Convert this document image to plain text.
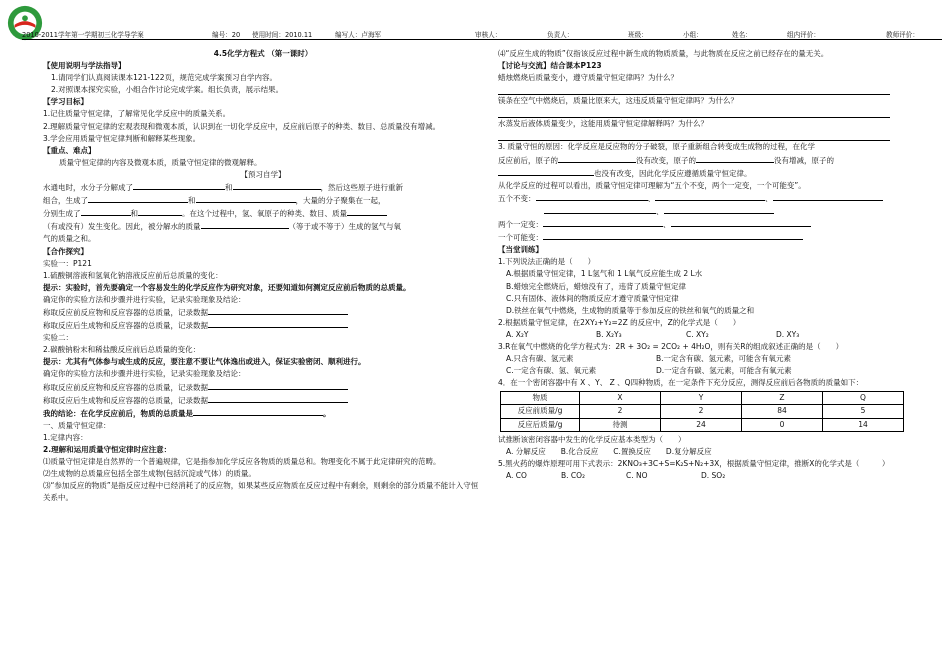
2010-2011学年第一学期初三化学导学案	编号：20 使用时间：2010.11	编写人：卢海军	审核人：	负责人：	班级：	小组：	姓名：	组内评价：	教师评价：

4.5化学方程式 （第一课时）

【使用说明与学法指导】

1.请同学们认真阅读课本121-122页，规范完成学案预习自学内容。

2.对照课本探究实验，小组合作讨论完成学案。组长负责，展示结果。

【学习目标】

1.记住质量守恒定律，了解常见化学反应中的质量关系。

2.理解质量守恒定律的宏观表现和微观本质，认识到在一切化学反应中，反应前后原子的种类、数目、总质量没有增减。

3.学会应用质量守恒定律判断和解释某些现象。

【重点、难点】

质量守恒定律的内容及微观本质，质量守恒定律的微观解释。

【预习自学】

水通电时，水分子分解成了	和	，然后这些原子进行重新

组合，生成了	和	，大量的分子聚集在一起，

分别生成了	和	。在这个过程中，氢、氧原子的种类、数目、质量

（有或没有）发生变化。因此，被分解水的质量	（等于或不等于）生成的氢气与氧

气的质量之和。

【合作探究】

实验一：P121

1.硫酸铜溶液和氢氧化钠溶液反应前后总质量的变化：

提示：实验时，首先要确定一个容易发生的化学反应作为研究对象，还要知道如何测定反应前后物质的总质量。

确定你的实验方法和步骤并进行实验，记录实验现象及结论：

称取反应前反应物和反应容器的总质量，记录数据

称取反应后生成物和反应容器的总质量，记录数据

实验二：

2.碳酸钠粉末和稀盐酸反应前后总质量的变化：

提示：尤其有气体参与或生成的反应，要注意不要让气体逸出或进入，保证实验密闭、顺利进行。

确定你的实验方法和步骤并进行实验，记录实验现象及结论：

称取反应前反应物和反应容器的总质量，记录数据

称取反应后生成物和反应容器的总质量，记录数据

我的结论：在化学反应前后，物质的总质量是	。

一、质量守恒定律：

1.定律内容：

2.理解和运用质量守恒定律时应注意：

⑴质量守恒定律是自然界的一个普遍规律，它是指参加化学反应各物质的质量总和。物理变化不属于此定律研究的范畴。

⑵生成物的总质量应包括全部生成物(包括沉淀或气体）的质量。

⑶“参加反应的物质”是指反应过程中已经消耗了的反应物，如果某些反应物质在反应过程中有剩余，则剩余的部分质量不能计入守恒关系中。

⑷“反应生成的物质”仅指该反应过程中新生成的物质质量，与此物质在反应之前已经存在的量无关。

【讨论与交流】结合课本P123

蜡烛燃烧后质量变小，遵守质量守恒定律吗？为什么？

镁条在空气中燃烧后，质量比原来大，这违反质量守恒定律吗？为什么？

水蒸发后液体质量变少，这能用质量守恒定律解释吗？为什么？

3. 质量守恒的原因：化学反应是反应物的分子破裂，原子重新组合转变成生成物的过程，在化学

反应前后，原子的	没有改变，原子的	没有增减，原子的

也没有改变，因此化学反应遵循质量守恒定律。

从化学反应的过程可以看出，质量守恒定律可理解为“五个不变，两个一定变，一个可能变”。

五个不变：	、	、

、

两个一定变：	、

一个可能变：

【当堂训练】

1.下列说法正确的是（　　）

A.根据质量守恒定律，1 L氢气和 1 L氧气反应能生成 2 L水

B.蜡烛完全燃烧后，蜡烛没有了，违背了质量守恒定律

C.只有固体、液体间的物质反应才遵守质量守恒定律

D.铁丝在氧气中燃烧，生成物的质量等于参加反应的铁丝和氧气的质量之和

2.根据质量守恒定律，在2XY₂+Y₂=2Z 的反应中，Z的化学式是（　　）

A. X₂Y	B. X₂Y₃	C. XY₂	D. XY₃

3.R在氧气中燃烧的化学方程式为：2R + 3O₂ = 2CO₂ + 4H₂O，则有关R的组成叙述正确的是（　　）

A.只含有碳、氢元素	B.一定含有碳、氢元素，可能含有氧元素

C.一定含有碳、氢、氧元素	D.一定含有碳、氢元素，可能含有氧元素

4．在一个密闭容器中有 X 、Y、 Z 、Q四种物质，在一定条件下充分反应，测得反应前后各物质的质量如下：

物质	X	Y	Z	Q
反应前质量/g	2	2	84	5
反应后质量/g	待测	24	0	14

试推断该密闭容器中发生的化学反应基本类型为（　　）

A. 分解反应　　B.化合反应　　C.置换反应　　D.复分解反应

5.黑火药的爆炸原理可用下式表示：2KNO₃+3C+S=K₂S+N₂+3X，根据质量守恒定律，推断X的化学式是（　　　）

A. CO	B. CO₂	C. NO	D. SO₂
